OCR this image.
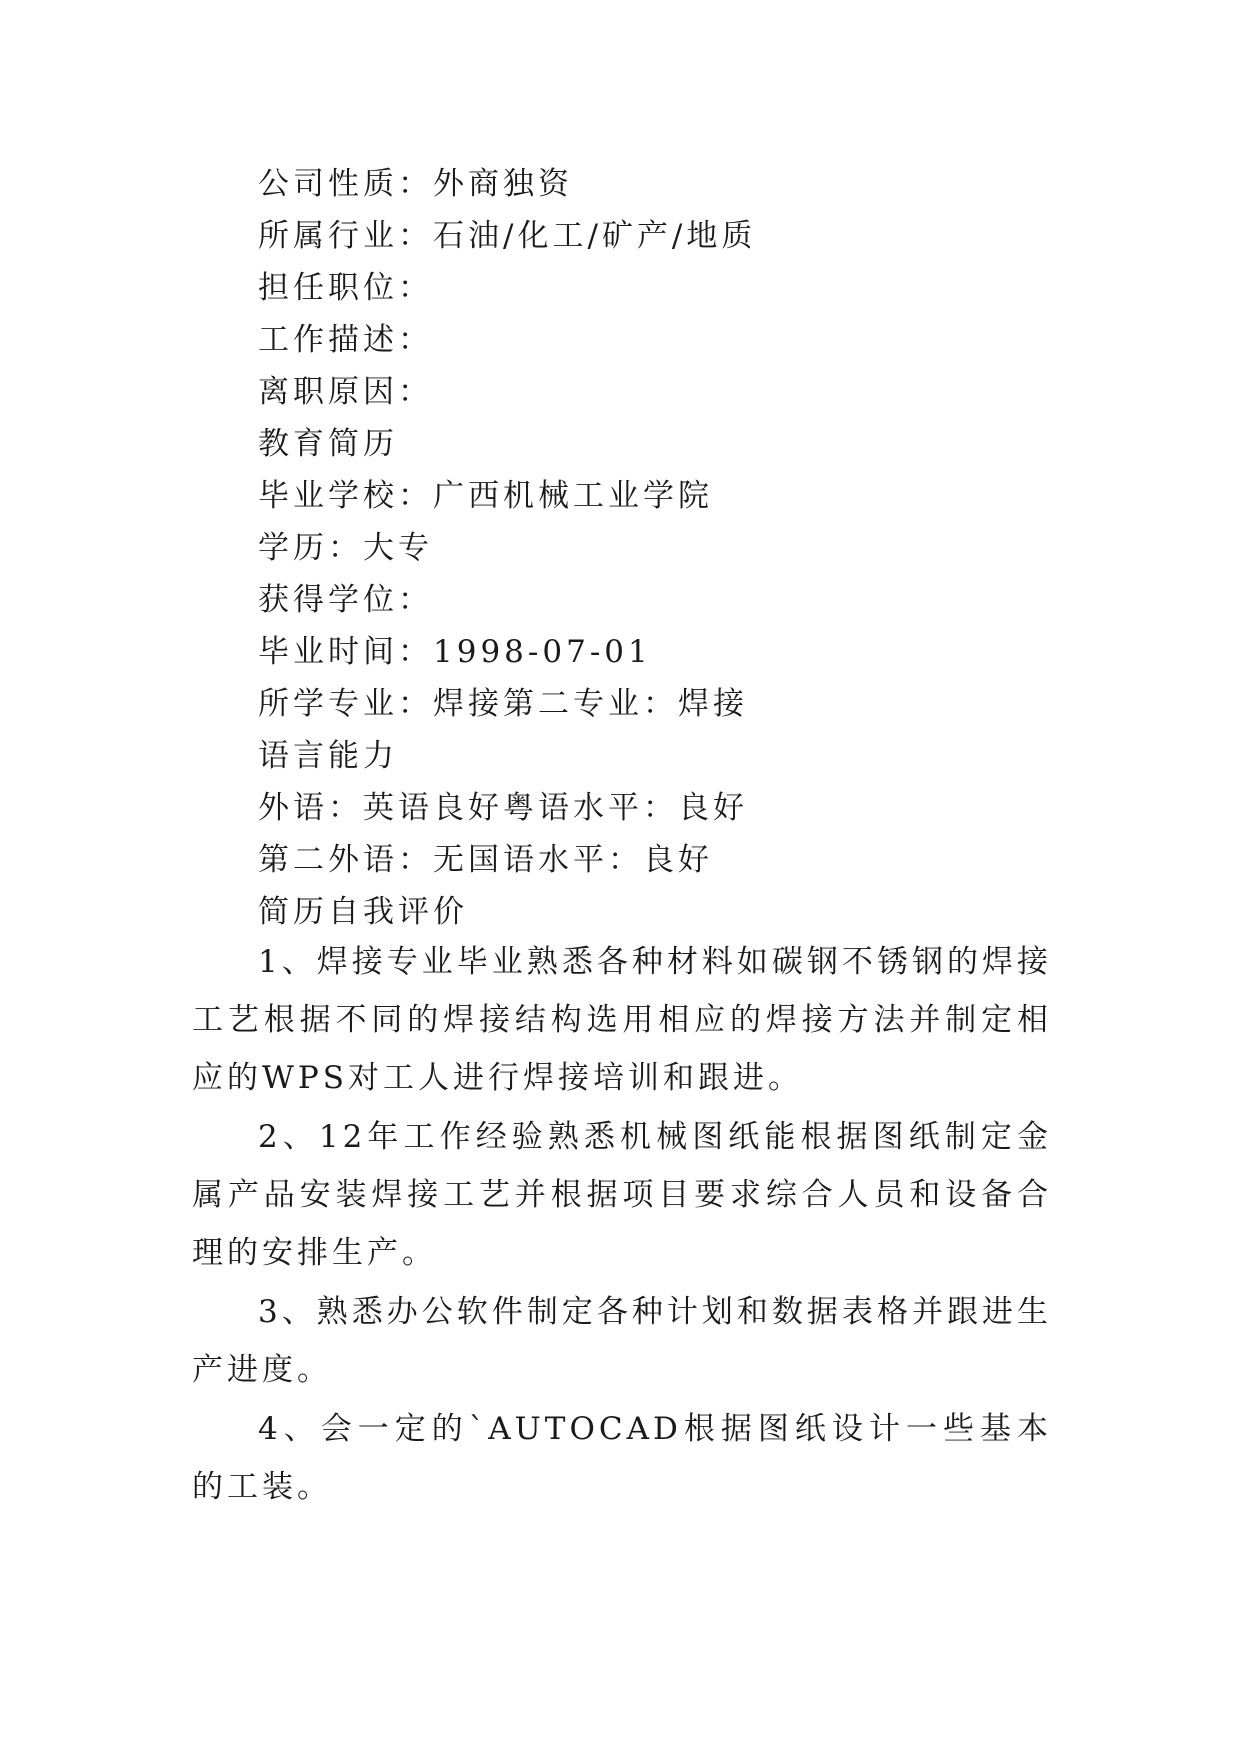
公司性质：外商独资
所属行业：石油/化工/矿产/地质
担任职位：
工作描述：
离职原因：
教育简历
毕业学校：广西机械工业学院
学历：大专
获得学位：
毕业时间：1998-07-01
所学专业：焊接第二专业：焊接
语言能力
外语：英语良好粤语水平：良好
第二外语：无国语水平：良好
简历自我评价
1、焊接专业毕业熟悉各种材料如碳钢不锈钢的焊接工艺根据不同的焊接结构选用相应的焊接方法并制定相应的WPS对工人进行焊接培训和跟进。
2、12年工作经验熟悉机械图纸能根据图纸制定金属产品安装焊接工艺并根据项目要求综合人员和设备合理的安排生产。
3、熟悉办公软件制定各种计划和数据表格并跟进生产进度。
4、会一定的`AUTOCAD根据图纸设计一些基本的工装。
